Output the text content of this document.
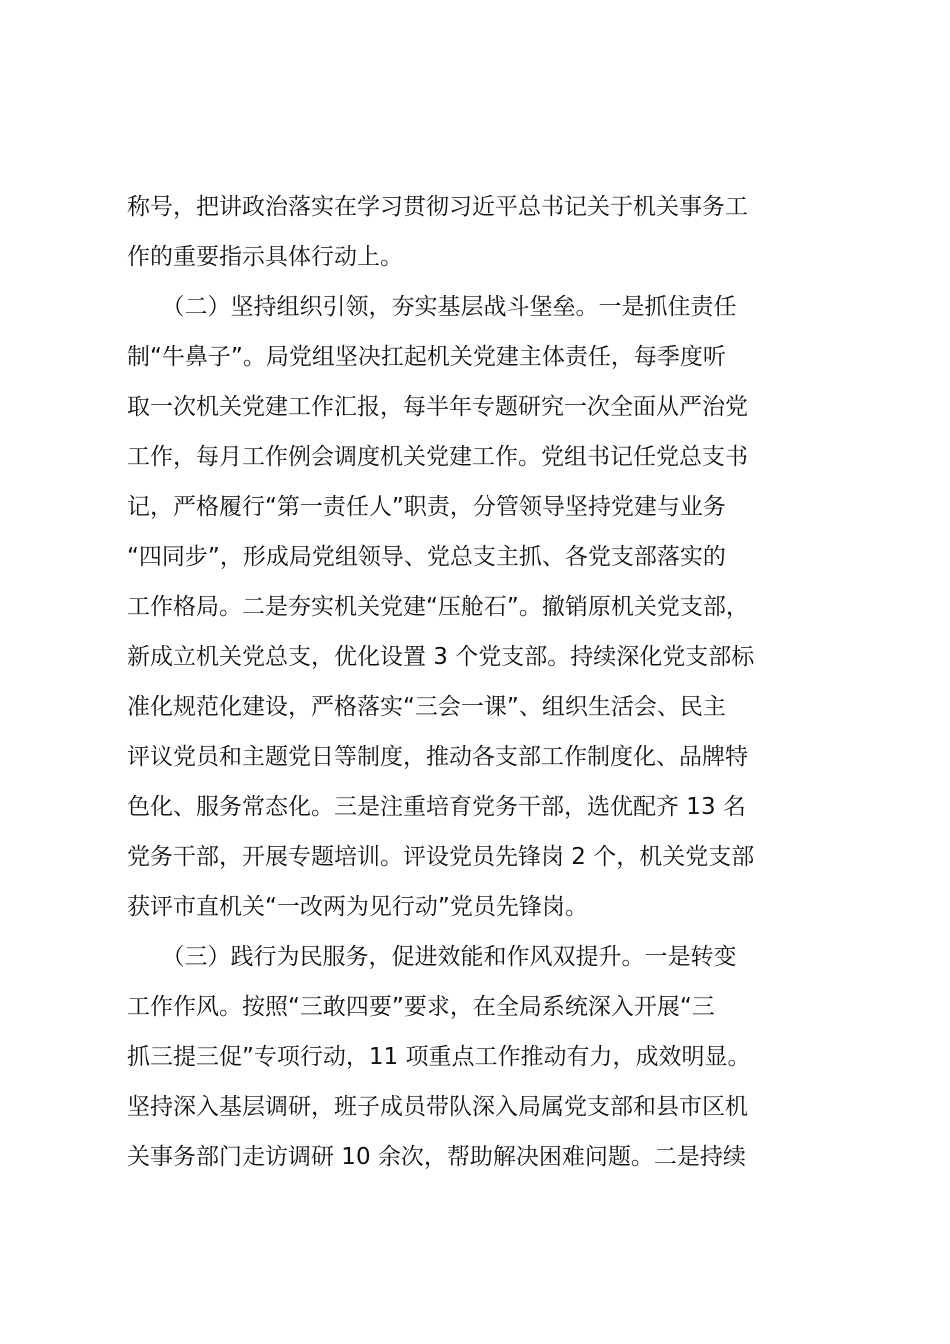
称号，把讲政治落实在学习贯彻习近平总书记关于机关事务工
作的重要指示具体行动上。
　　（二）坚持组织引领，夯实基层战斗堡垒。一是抓住责任
制“牛鼻子”。局党组坚决扛起机关党建主体责任，每季度听
取一次机关党建工作汇报，每半年专题研究一次全面从严治党
工作，每月工作例会调度机关党建工作。党组书记任党总支书
记，严格履行“第一责任人”职责，分管领导坚持党建与业务
“四同步”，形成局党组领导、党总支主抓、各党支部落实的
工作格局。二是夯实机关党建“压舱石”。撤销原机关党支部，
新成立机关党总支，优化设置 3 个党支部。持续深化党支部标
准化规范化建设，严格落实“三会一课”、组织生活会、民主
评议党员和主题党日等制度，推动各支部工作制度化、品牌特
色化、服务常态化。三是注重培育党务干部，选优配齐 13 名
党务干部，开展专题培训。评设党员先锋岗 2 个，机关党支部
获评市直机关“一改两为见行动”党员先锋岗。
　　（三）践行为民服务，促进效能和作风双提升。一是转变
工作作风。按照“三敢四要”要求，在全局系统深入开展“三
抓三提三促”专项行动，11 项重点工作推动有力，成效明显。
坚持深入基层调研，班子成员带队深入局属党支部和县市区机
关事务部门走访调研 10 余次，帮助解决困难问题。二是持续
